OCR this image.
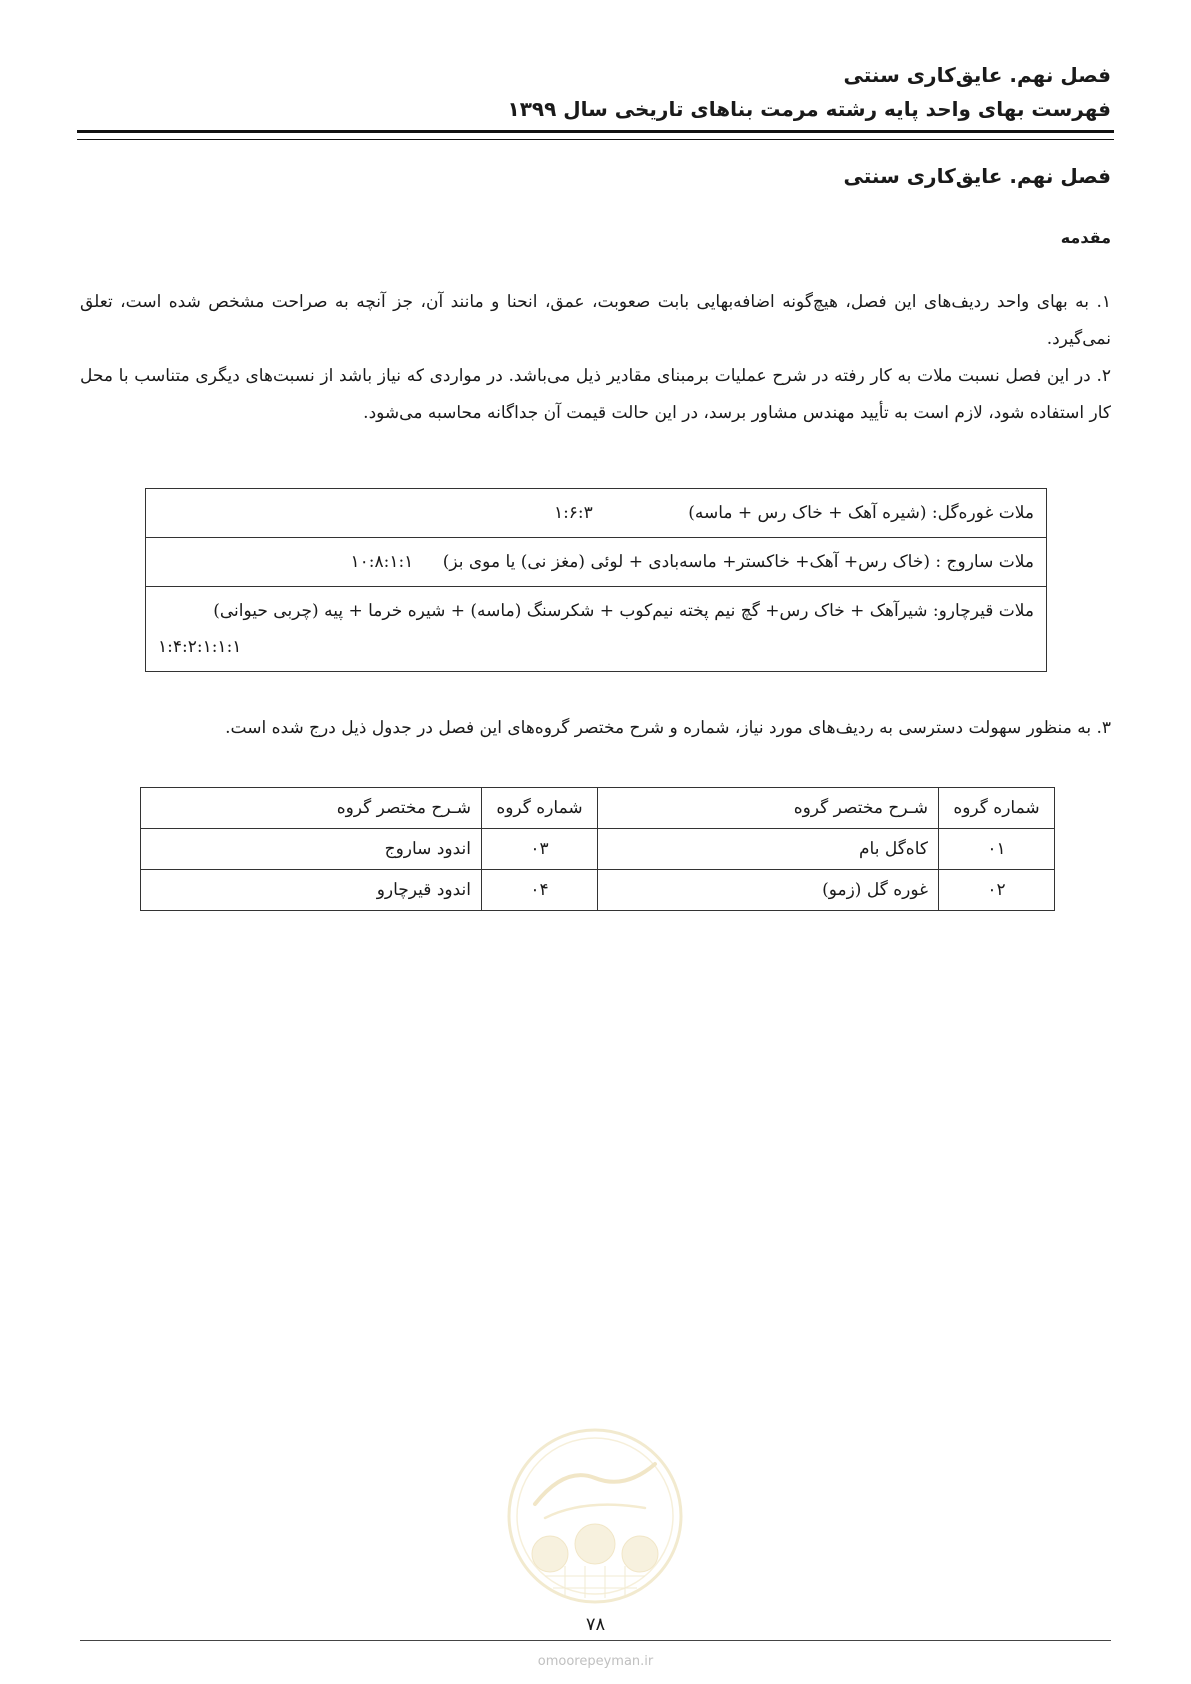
فصل نهم. عایق‌کاری سنتی
فهرست بهای واحد پایه رشته مرمت بناهای تاریخی سال ۱۳۹۹
فصل نهم. عایق‌کاری سنتی
مقدمه

۱. به بهای واحد ردیف‌های این فصل، هیچ‌گونه اضافه‌بهایی بابت صعوبت، عمق، انحنا و مانند آن، جز آنچه به صراحت مشخص شده است، تعلق نمی‌گیرد.

۲. در این فصل نسبت ملات به کار رفته در شرح عملیات برمبنای مقادیر ذیل می‌باشد. در مواردی که نیاز باشد از نسبت‌های دیگری متناسب با محل کار استفاده شود، لازم است به تأیید مهندس مشاور برسد، در این حالت قیمت آن جداگانه محاسبه می‌شود.

ملات غوره‌گل: (شیره آهک + خاک رس + ماسه) ۱:۶:۳
ملات ساروج : (خاک رس+ آهک+ خاکستر+ ماسه‌بادی + لوئی (مغز نی) یا موی بز) ۱۰:۸:۱:۱
ملات قیرچارو: شیرآهک + خاک رس+ گچ نیم پخته نیم‌کوب + شکرسنگ (ماسه) + شیره خرما + پیه (چربی حیوانی)
۱:۴:۲:۱:۱:۱
۳. به منظور سهولت دسترسی به ردیف‌های مورد نیاز، شماره و شرح مختصر گروه‌های این فصل در جدول ذیل درج شده است.
شماره گروه	شـرح مختصر گروه	شماره گروه	شـرح مختصر گروه
۰۱	کاه‌گل بام	۰۳	اندود ساروج
۰۲	غوره گل (زمو)	۰۴	اندود قیرچارو
۷۸
omoorepeyman.ir
